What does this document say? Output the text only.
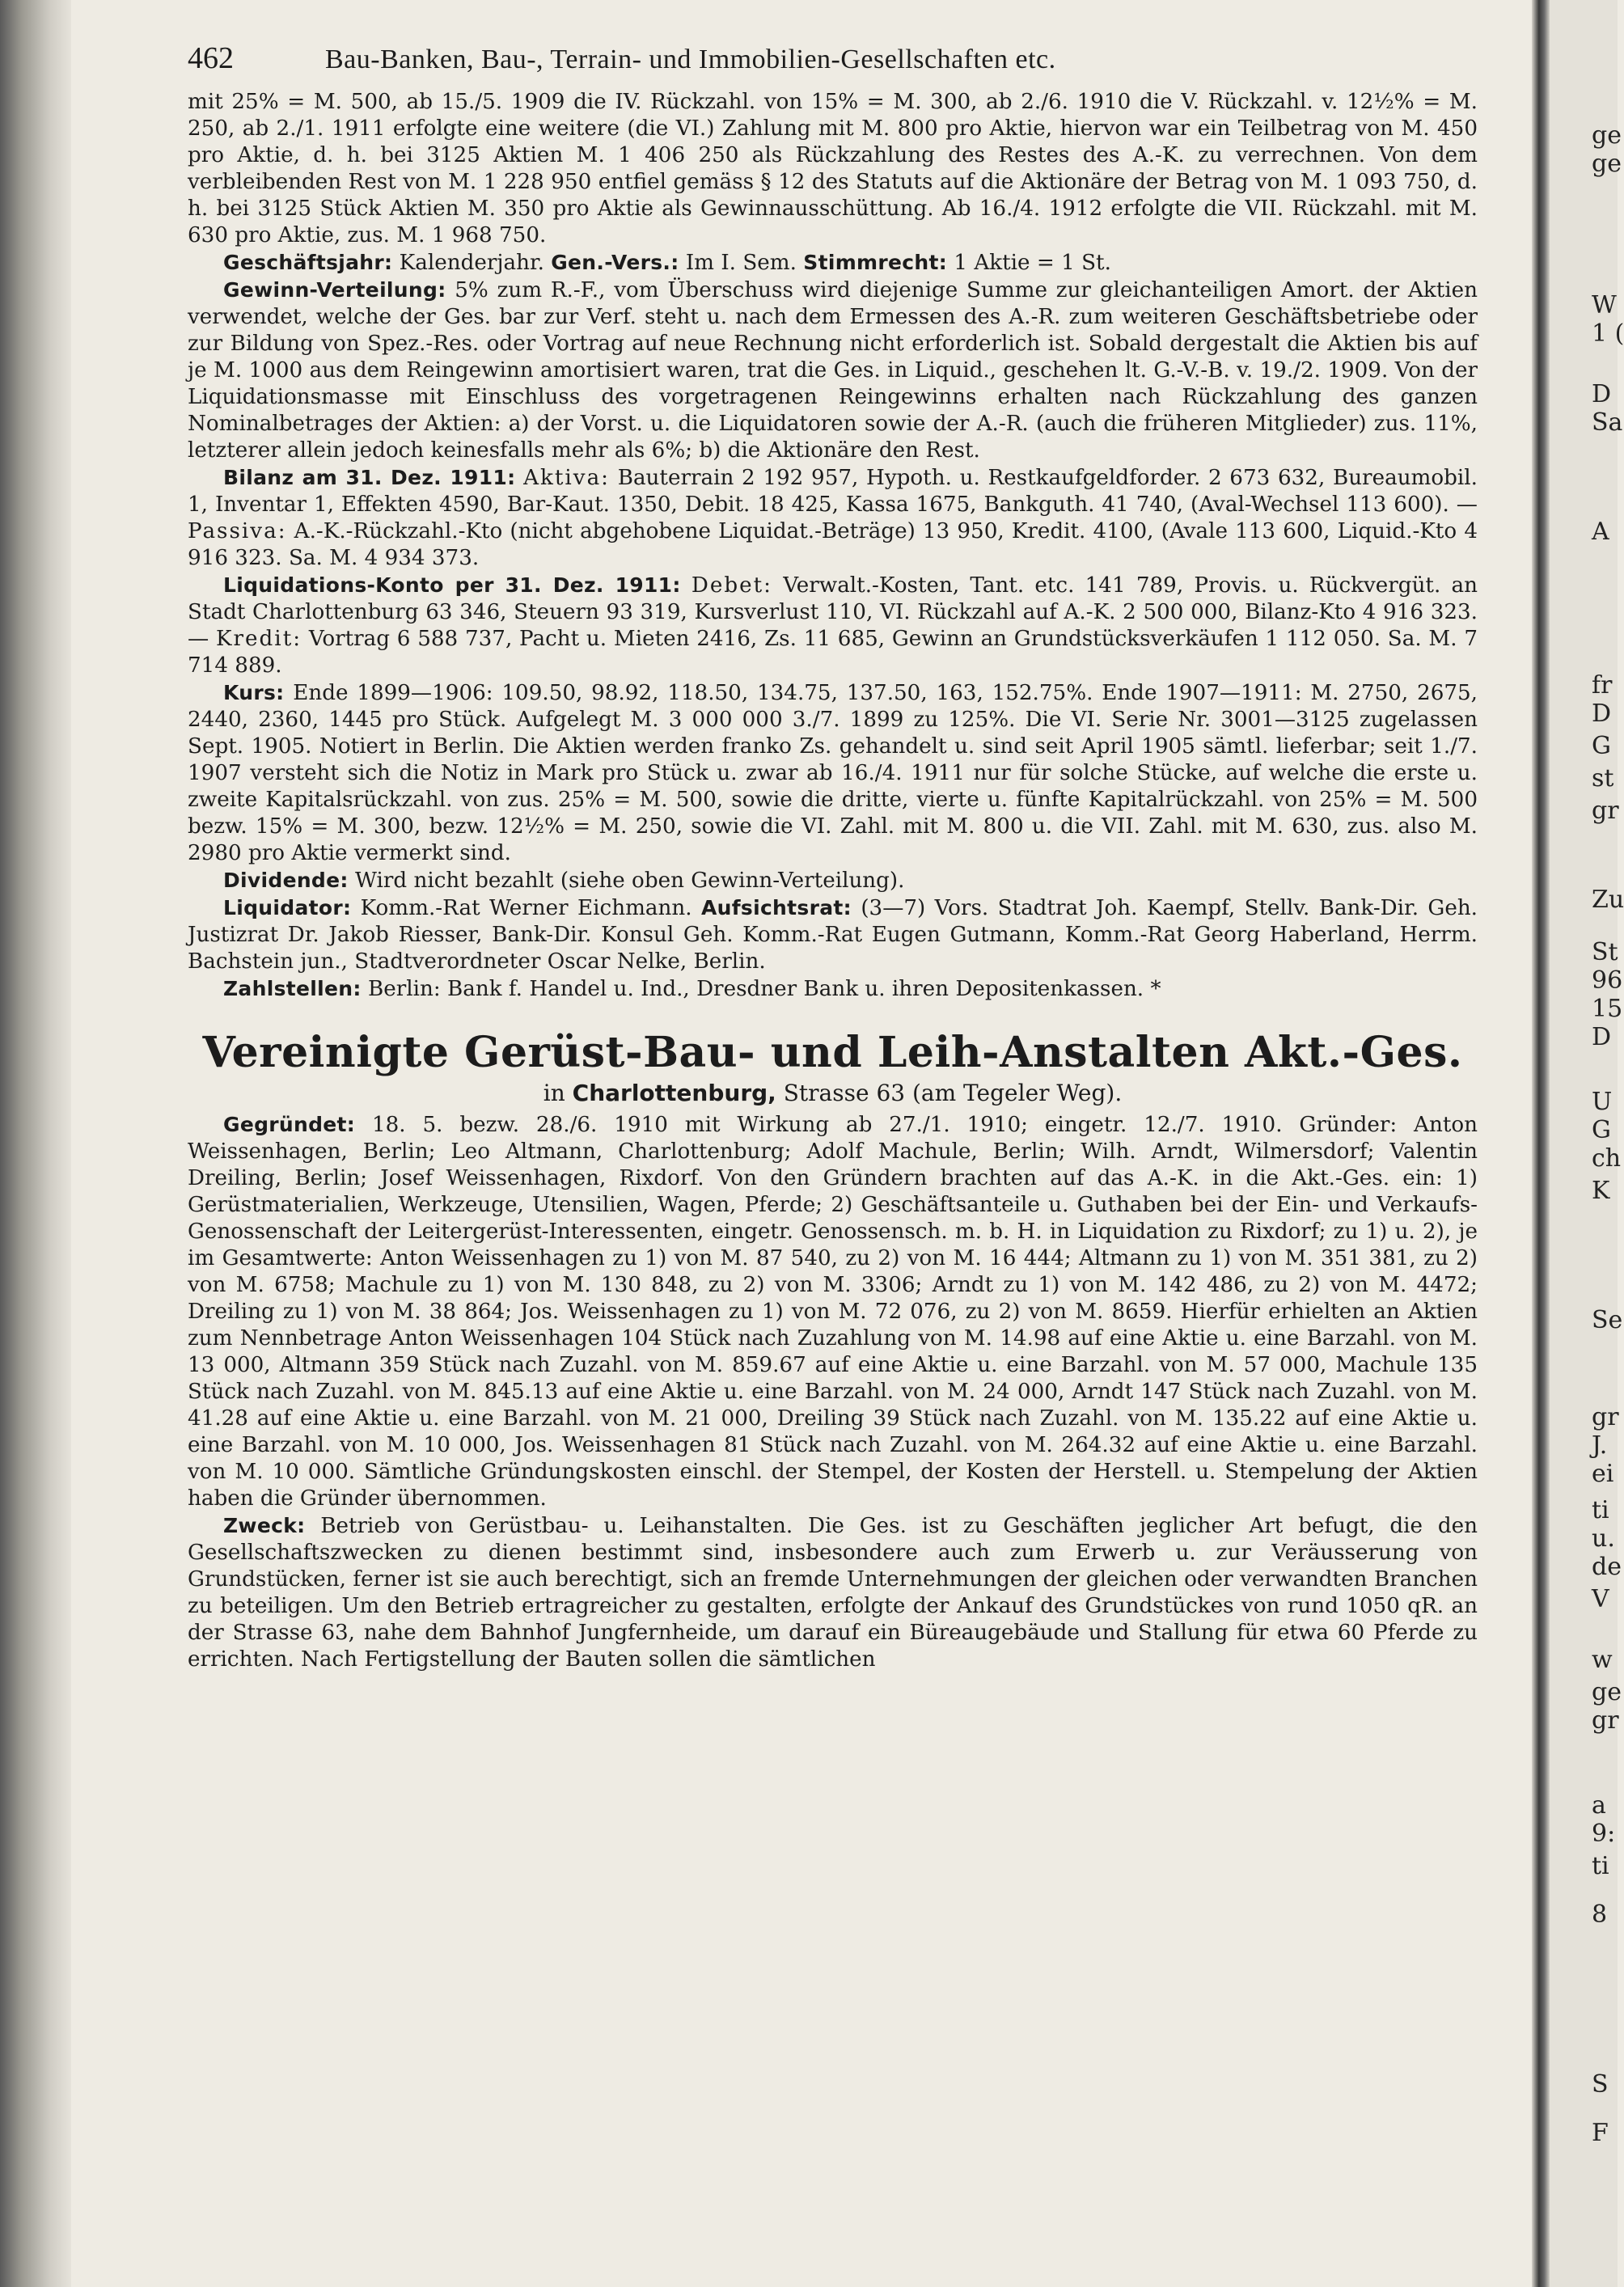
ge
ge
W
1 (
D
Sa
A
fr
D
G
st
gr
Zu
St
96
15
D
U
G
ch
K
Se
gr
J.
ei
ti
u.
de
V
w
ge
gr
a
9:
ti
8
S
F
462	Bau-Banken, Bau-, Terrain- und Immobilien-Gesellschaften etc.

mit 25% = M. 500, ab 15./5. 1909 die IV. Rückzahl. von 15% = M. 300, ab 2./6. 1910 die V. Rückzahl. v. 12½% = M. 250, ab 2./1. 1911 erfolgte eine weitere (die VI.) Zahlung mit M. 800 pro Aktie, hiervon war ein Teilbetrag von M. 450 pro Aktie, d. h. bei 3125 Aktien M. 1 406 250 als Rückzahlung des Restes des A.-K. zu verrechnen. Von dem verbleibenden Rest von M. 1 228 950 entfiel gemäss § 12 des Statuts auf die Aktionäre der Betrag von M. 1 093 750, d. h. bei 3125 Stück Aktien M. 350 pro Aktie als Gewinnausschüttung. Ab 16./4. 1912 erfolgte die VII. Rückzahl. mit M. 630 pro Aktie, zus. M. 1 968 750.

Geschäftsjahr: Kalenderjahr. Gen.-Vers.: Im I. Sem. Stimmrecht: 1 Aktie = 1 St.

Gewinn-Verteilung: 5% zum R.-F., vom Überschuss wird diejenige Summe zur gleichanteiligen Amort. der Aktien verwendet, welche der Ges. bar zur Verf. steht u. nach dem Ermessen des A.-R. zum weiteren Geschäftsbetriebe oder zur Bildung von Spez.-Res. oder Vortrag auf neue Rechnung nicht erforderlich ist. Sobald dergestalt die Aktien bis auf je M. 1000 aus dem Reingewinn amortisiert waren, trat die Ges. in Liquid., geschehen lt. G.-V.-B. v. 19./2. 1909. Von der Liquidationsmasse mit Einschluss des vorgetragenen Reingewinns erhalten nach Rückzahlung des ganzen Nominalbetrages der Aktien: a) der Vorst. u. die Liquidatoren sowie der A.-R. (auch die früheren Mitglieder) zus. 11%, letzterer allein jedoch keinesfalls mehr als 6%; b) die Aktionäre den Rest.

Bilanz am 31. Dez. 1911: Aktiva: Bauterrain 2 192 957, Hypoth. u. Restkaufgeldforder. 2 673 632, Bureaumobil. 1, Inventar 1, Effekten 4590, Bar-Kaut. 1350, Debit. 18 425, Kassa 1675, Bankguth. 41 740, (Aval-Wechsel 113 600). — Passiva: A.-K.-Rückzahl.-Kto (nicht abgehobene Liquidat.-Beträge) 13 950, Kredit. 4100, (Avale 113 600, Liquid.-Kto 4 916 323. Sa. M. 4 934 373.

Liquidations-Konto per 31. Dez. 1911: Debet: Verwalt.-Kosten, Tant. etc. 141 789, Provis. u. Rückvergüt. an Stadt Charlottenburg 63 346, Steuern 93 319, Kursverlust 110, VI. Rückzahl auf A.-K. 2 500 000, Bilanz-Kto 4 916 323. — Kredit: Vortrag 6 588 737, Pacht u. Mieten 2416, Zs. 11 685, Gewinn an Grundstücksverkäufen 1 112 050. Sa. M. 7 714 889.

Kurs: Ende 1899—1906: 109.50, 98.92, 118.50, 134.75, 137.50, 163, 152.75%. Ende 1907—1911: M. 2750, 2675, 2440, 2360, 1445 pro Stück. Aufgelegt M. 3 000 000 3./7. 1899 zu 125%. Die VI. Serie Nr. 3001—3125 zugelassen Sept. 1905. Notiert in Berlin. Die Aktien werden franko Zs. gehandelt u. sind seit April 1905 sämtl. lieferbar; seit 1./7. 1907 versteht sich die Notiz in Mark pro Stück u. zwar ab 16./4. 1911 nur für solche Stücke, auf welche die erste u. zweite Kapitalsrückzahl. von zus. 25% = M. 500, sowie die dritte, vierte u. fünfte Kapitalrückzahl. von 25% = M. 500 bezw. 15% = M. 300, bezw. 12½% = M. 250, sowie die VI. Zahl. mit M. 800 u. die VII. Zahl. mit M. 630, zus. also M. 2980 pro Aktie vermerkt sind.

Dividende: Wird nicht bezahlt (siehe oben Gewinn-Verteilung).

Liquidator: Komm.-Rat Werner Eichmann. Aufsichtsrat: (3—7) Vors. Stadtrat Joh. Kaempf, Stellv. Bank-Dir. Geh. Justizrat Dr. Jakob Riesser, Bank-Dir. Konsul Geh. Komm.-Rat Eugen Gutmann, Komm.-Rat Georg Haberland, Herrm. Bachstein jun., Stadtverordneter Oscar Nelke, Berlin.

Zahlstellen: Berlin: Bank f. Handel u. Ind., Dresdner Bank u. ihren Depositenkassen. *

Vereinigte Gerüst-Bau- und Leih-Anstalten Akt.-Ges.
in Charlottenburg, Strasse 63 (am Tegeler Weg).

Gegründet: 18. 5. bezw. 28./6. 1910 mit Wirkung ab 27./1. 1910; eingetr. 12./7. 1910. Gründer: Anton Weissenhagen, Berlin; Leo Altmann, Charlottenburg; Adolf Machule, Berlin; Wilh. Arndt, Wilmersdorf; Valentin Dreiling, Berlin; Josef Weissenhagen, Rixdorf. Von den Gründern brachten auf das A.-K. in die Akt.-Ges. ein: 1) Gerüstmaterialien, Werkzeuge, Utensilien, Wagen, Pferde; 2) Geschäftsanteile u. Guthaben bei der Ein- und Verkaufs-Genossenschaft der Leitergerüst-Interessenten, eingetr. Genossensch. m. b. H. in Liquidation zu Rixdorf; zu 1) u. 2), je im Gesamtwerte: Anton Weissenhagen zu 1) von M. 87 540, zu 2) von M. 16 444; Altmann zu 1) von M. 351 381, zu 2) von M. 6758; Machule zu 1) von M. 130 848, zu 2) von M. 3306; Arndt zu 1) von M. 142 486, zu 2) von M. 4472; Dreiling zu 1) von M. 38 864; Jos. Weissenhagen zu 1) von M. 72 076, zu 2) von M. 8659. Hierfür erhielten an Aktien zum Nennbetrage Anton Weissenhagen 104 Stück nach Zuzahlung von M. 14.98 auf eine Aktie u. eine Barzahl. von M. 13 000, Altmann 359 Stück nach Zuzahl. von M. 859.67 auf eine Aktie u. eine Barzahl. von M. 57 000, Machule 135 Stück nach Zuzahl. von M. 845.13 auf eine Aktie u. eine Barzahl. von M. 24 000, Arndt 147 Stück nach Zuzahl. von M. 41.28 auf eine Aktie u. eine Barzahl. von M. 21 000, Dreiling 39 Stück nach Zuzahl. von M. 135.22 auf eine Aktie u. eine Barzahl. von M. 10 000, Jos. Weissenhagen 81 Stück nach Zuzahl. von M. 264.32 auf eine Aktie u. eine Barzahl. von M. 10 000. Sämtliche Gründungskosten einschl. der Stempel, der Kosten der Herstell. u. Stempelung der Aktien haben die Gründer übernommen.

Zweck: Betrieb von Gerüstbau- u. Leihanstalten. Die Ges. ist zu Geschäften jeglicher Art befugt, die den Gesellschaftszwecken zu dienen bestimmt sind, insbesondere auch zum Erwerb u. zur Veräusserung von Grundstücken, ferner ist sie auch berechtigt, sich an fremde Unternehmungen der gleichen oder verwandten Branchen zu beteiligen. Um den Betrieb ertragreicher zu gestalten, erfolgte der Ankauf des Grundstückes von rund 1050 qR. an der Strasse 63, nahe dem Bahnhof Jungfernheide, um darauf ein Büreaugebäude und Stallung für etwa 60 Pferde zu errichten. Nach Fertigstellung der Bauten sollen die sämtlichen
